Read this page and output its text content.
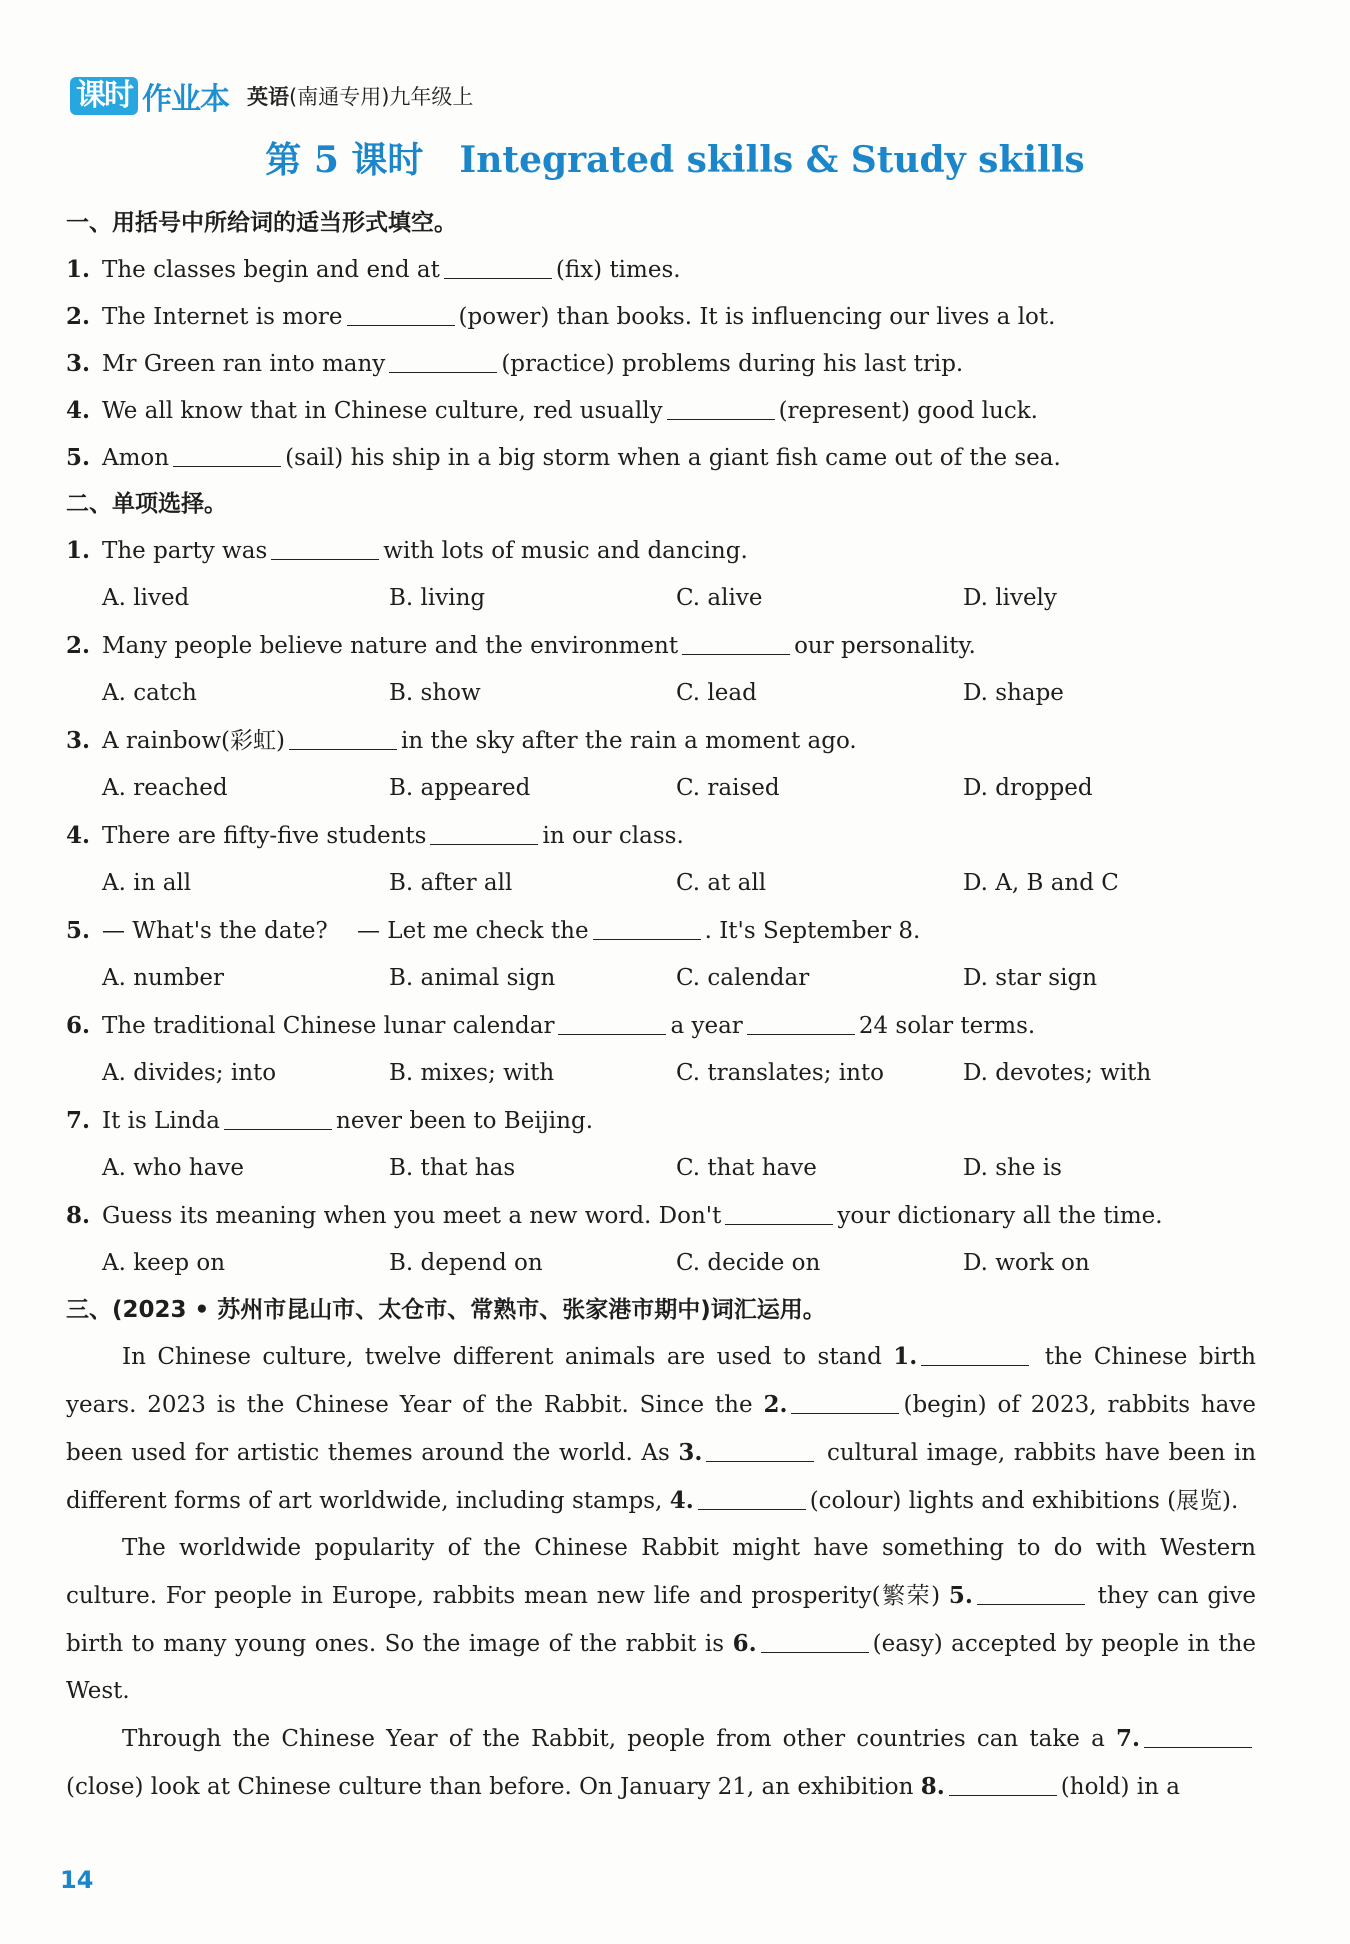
课时 作业本 英语(南通专用)九年级上
第 5 课时 Integrated skills & Study skills
一、用括号中所给词的适当形式填空。
1. The classes begin and end at	(fix) times.
2. The Internet is more	(power) than books. It is influencing our lives a lot.
3. Mr Green ran into many	(practice) problems during his last trip.
4. We all know that in Chinese culture, red usually	(represent) good luck.
5. Amon	(sail) his ship in a big storm when a giant fish came out of the sea.
二、单项选择。
1. The party was	with lots of music and dancing.
A. lived	B. living	C. alive	D. lively
2. Many people believe nature and the environment	our personality.
A. catch	B. show	C. lead	D. shape
3. A rainbow(彩虹)	in the sky after the rain a moment ago.
A. reached	B. appeared	C. raised	D. dropped
4. There are fifty-five students	in our class.
A. in all	B. after all	C. at all	D. A, B and C
5. — What's the date?    — Let me check the	. It's September 8.
A. number	B. animal sign	C. calendar	D. star sign
6. The traditional Chinese lunar calendar	a year	24 solar terms.
A. divides; into	B. mixes; with	C. translates; into	D. devotes; with
7. It is Linda	never been to Beijing.
A. who have	B. that has	C. that have	D. she is
8. Guess its meaning when you meet a new word. Don't	your dictionary all the time.
A. keep on	B. depend on	C. decide on	D. work on
三、(2023 • 苏州市昆山市、太仓市、常熟市、张家港市期中)词汇运用。
In Chinese culture, twelve different animals are used to stand 1.	the Chinese birth years. 2023 is the Chinese Year of the Rabbit. Since the 2.	(begin) of 2023, rabbits have been used for artistic themes around the world. As 3.	cultural image, rabbits have been in different forms of art worldwide, including stamps, 4.	(colour) lights and exhibitions (展览).
The worldwide popularity of the Chinese Rabbit might have something to do with Western culture. For people in Europe, rabbits mean new life and prosperity(繁荣) 5.	they can give birth to many young ones. So the image of the rabbit is 6.	(easy) accepted by people in the West.
Through the Chinese Year of the Rabbit, people from other countries can take a 7. (close) look at Chinese culture than before. On January 21, an exhibition 8.	(hold) in a
14
